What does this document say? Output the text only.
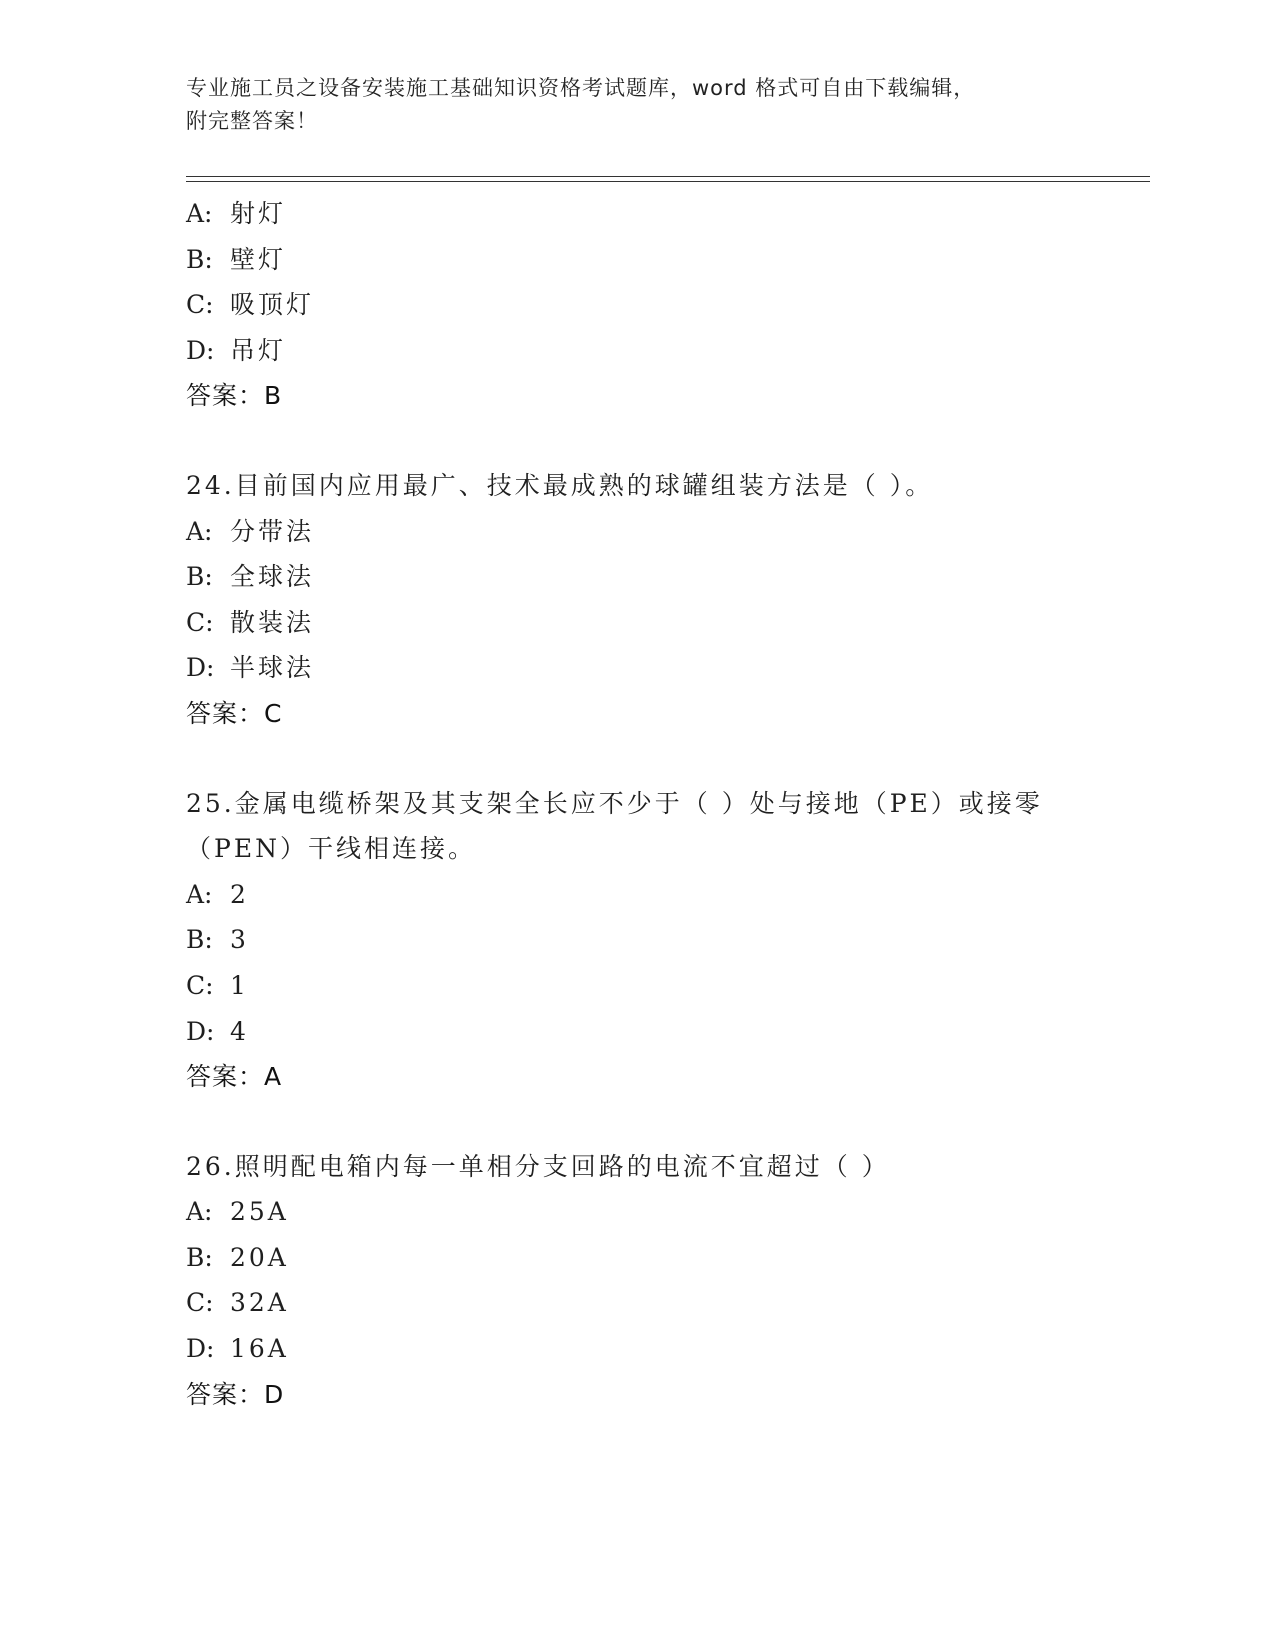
专业施工员之设备安装施工基础知识资格考试题库，word 格式可自由下载编辑，
附完整答案！
A: 射灯
B: 壁灯
C: 吸顶灯
D: 吊灯
答案：B
24.目前国内应用最广、技术最成熟的球罐组装方法是（ ）。
A: 分带法
B: 全球法
C: 散装法
D: 半球法
答案：C
25.金属电缆桥架及其支架全长应不少于（ ）处与接地（PE）或接零
（PEN）干线相连接。
A: 2
B: 3
C: 1
D: 4
答案：A
26.照明配电箱内每一单相分支回路的电流不宜超过（ ）
A: 25A
B: 20A
C: 32A
D: 16A
答案：D
